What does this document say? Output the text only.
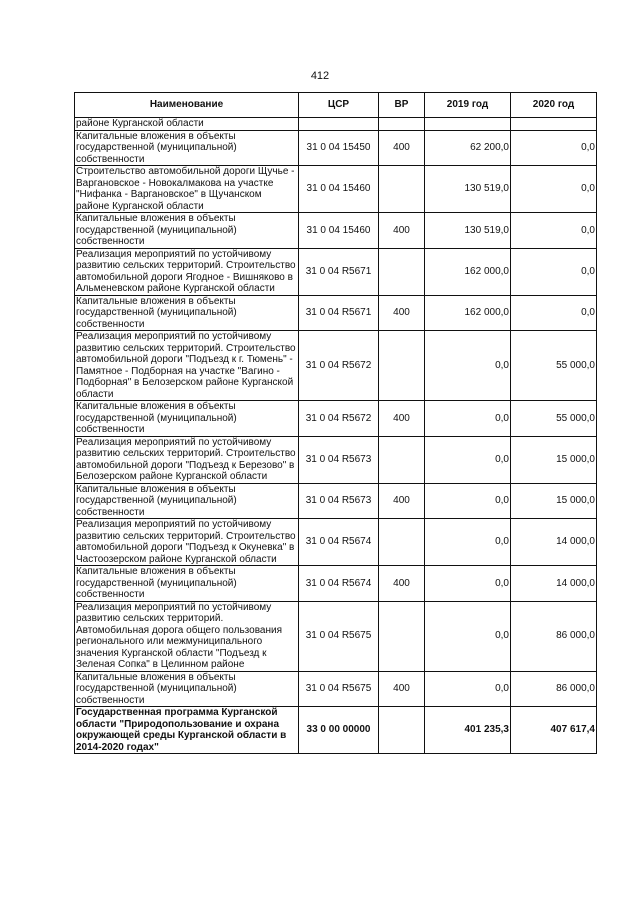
412
Наименование	ЦСР	ВР	2019 год	2020 год
районе Курганской области				
Капитальные вложения в объекты государственной (муниципальной) собственности	31 0 04 15450	400	62 200,0	0,0
Строительство автомобильной дороги Щучье - Варгановское - Новокалмакова на участке "Нифанка - Варгановское" в Щучанском районе Курганской области	31 0 04 15460		130 519,0	0,0
Капитальные вложения в объекты государственной (муниципальной) собственности	31 0 04 15460	400	130 519,0	0,0
Реализация мероприятий по устойчивому развитию сельских территорий. Строительство автомобильной дороги Ягодное - Вишняково в Альменевском районе Курганской области	31 0 04 R5671		162 000,0	0,0
Капитальные вложения в объекты государственной (муниципальной) собственности	31 0 04 R5671	400	162 000,0	0,0
Реализация мероприятий по устойчивому развитию сельских территорий. Строительство автомобильной дороги "Подъезд к г. Тюмень" - Памятное - Подборная на участке "Вагино - Подборная" в Белозерском районе Курганской области	31 0 04 R5672		0,0	55 000,0
Капитальные вложения в объекты государственной (муниципальной) собственности	31 0 04 R5672	400	0,0	55 000,0
Реализация мероприятий по устойчивому развитию сельских территорий. Строительство автомобильной дороги "Подъезд к Березово" в Белозерском районе Курганской области	31 0 04 R5673		0,0	15 000,0
Капитальные вложения в объекты государственной (муниципальной) собственности	31 0 04 R5673	400	0,0	15 000,0
Реализация мероприятий по устойчивому развитию сельских территорий. Строительство автомобильной дороги "Подъезд к Окуневка" в Частоозерском районе Курганской области	31 0 04 R5674		0,0	14 000,0
Капитальные вложения в объекты государственной (муниципальной) собственности	31 0 04 R5674	400	0,0	14 000,0
Реализация мероприятий по устойчивому развитию сельских территорий. Автомобильная дорога общего пользования регионального или межмуниципального значения Курганской области "Подъезд к Зеленая Сопка" в Целинном районе	31 0 04 R5675		0,0	86 000,0
Капитальные вложения в объекты государственной (муниципальной) собственности	31 0 04 R5675	400	0,0	86 000,0
Государственная программа Курганской области "Природопользование и охрана окружающей среды Курганской области в 2014-2020 годах"	33 0 00 00000		401 235,3	407 617,4
